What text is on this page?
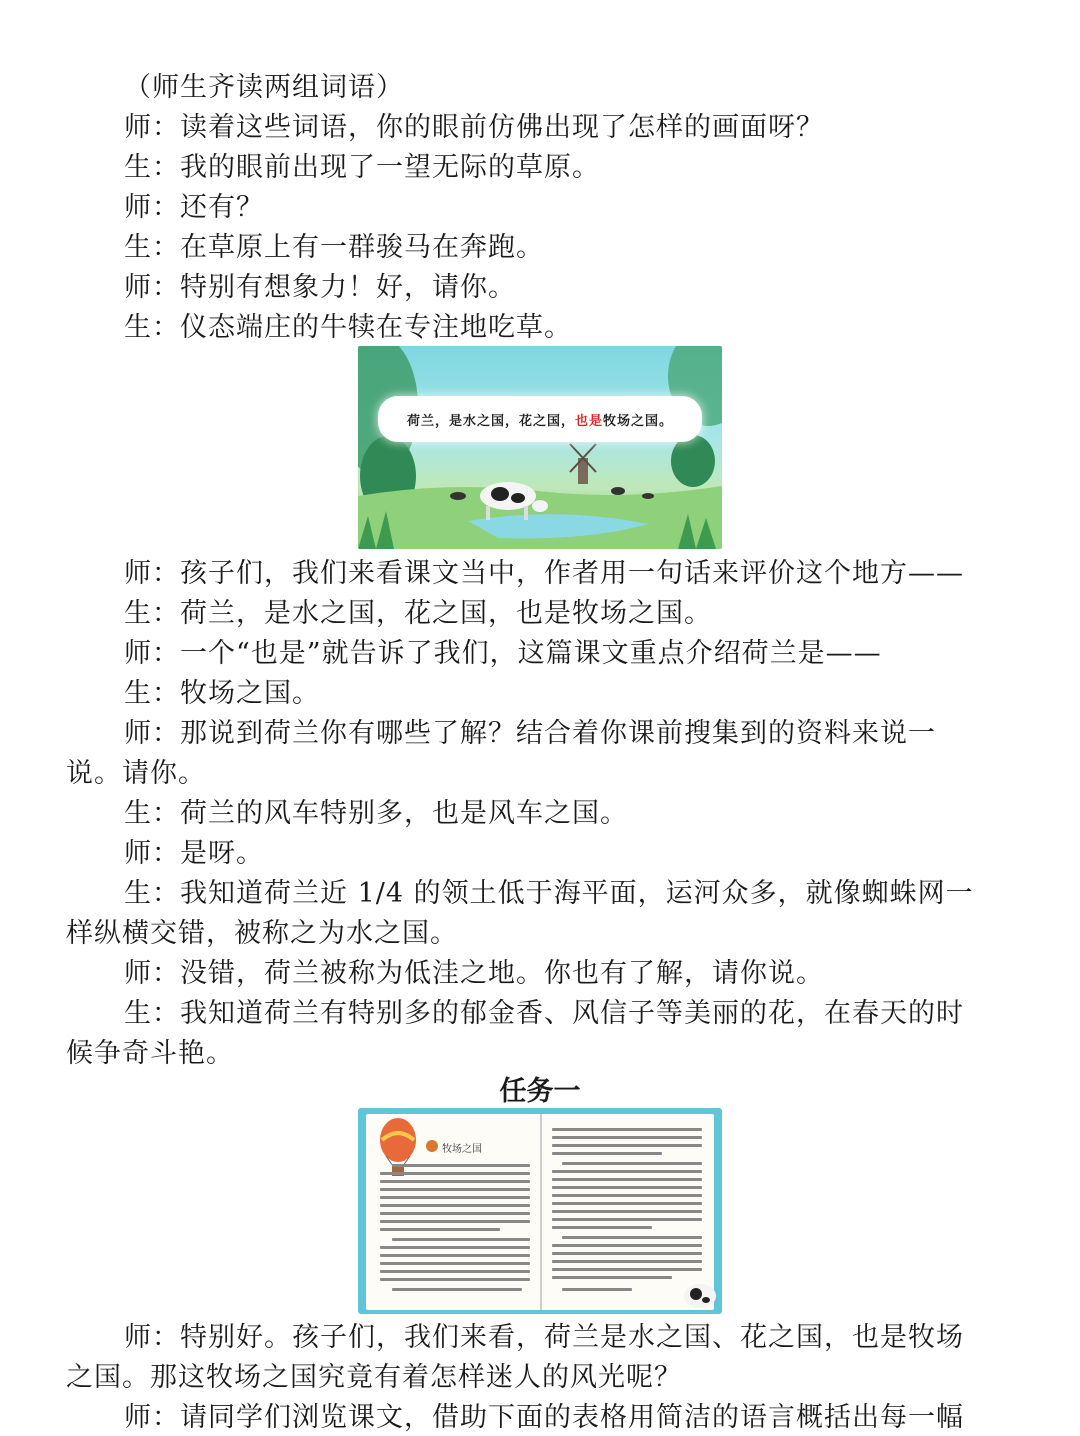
（师生齐读两组词语）
师：读着这些词语，你的眼前仿佛出现了怎样的画面呀？
生：我的眼前出现了一望无际的草原。
师：还有？
生：在草原上有一群骏马在奔跑。
师：特别有想象力！好，请你。
生：仪态端庄的牛犊在专注地吃草。
荷兰，是水之国，花之国， 也是 牧场之国。
师：孩子们，我们来看课文当中，作者用一句话来评价这个地方——
生：荷兰，是水之国，花之国，也是牧场之国。
师：一个“也是”就告诉了我们，这篇课文重点介绍荷兰是——
生：牧场之国。
师：那说到荷兰你有哪些了解？结合着你课前搜集到的资料来说一
说。请你。
生：荷兰的风车特别多，也是风车之国。
师：是呀。
生：我知道荷兰近 1/4 的领土低于海平面，运河众多，就像蜘蛛网一
样纵横交错，被称之为水之国。
师：没错，荷兰被称为低洼之地。你也有了解，请你说。
生：我知道荷兰有特别多的郁金香、风信子等美丽的花，在春天的时
候争奇斗艳。
任务一
牧场之国
师：特别好。孩子们，我们来看，荷兰是水之国、花之国，也是牧场
之国。那这牧场之国究竟有着怎样迷人的风光呢？
师：请同学们浏览课文，借助下面的表格用简洁的语言概括出每一幅
